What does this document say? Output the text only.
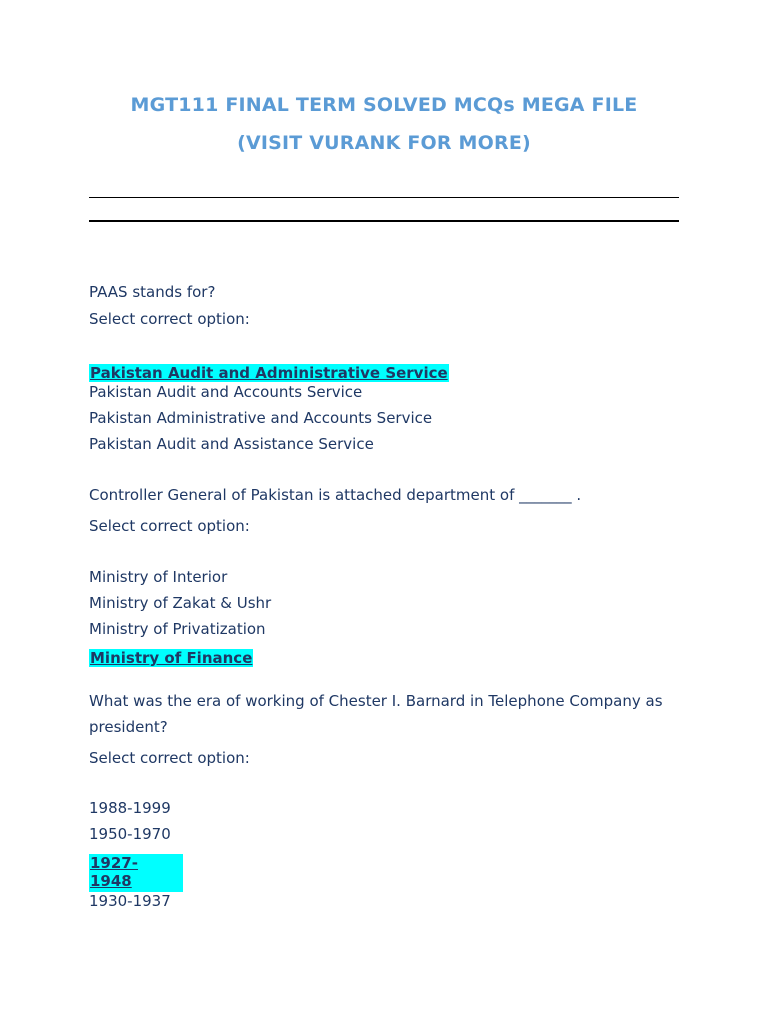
MGT111 FINAL TERM SOLVED MCQs MEGA FILE
(VISIT VURANK FOR MORE)
PAAS stands for?
Select correct option:
Pakistan Audit and Administrative Service
Pakistan Audit and Accounts Service
Pakistan Administrative and Accounts Service
Pakistan Audit and Assistance Service
Controller General of Pakistan is attached department of _______ .
Select correct option:
Ministry of Interior
Ministry of Zakat & Ushr
Ministry of Privatization
Ministry of Finance
What was the era of working of Chester I. Barnard in Telephone Company as president?
Select correct option:
1988-1999
1950-1970
1927-
1948
1930-1937
